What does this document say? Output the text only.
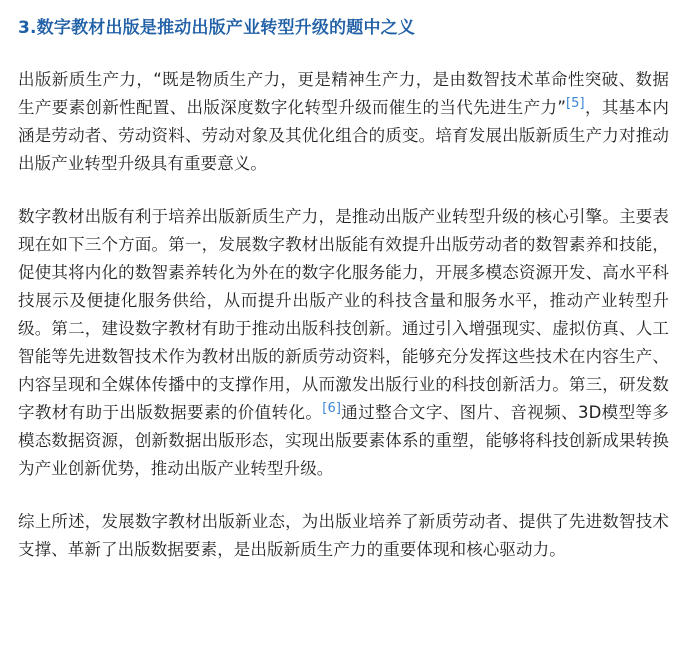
3.数字教材出版是推动出版产业转型升级的题中之义

出版新质生产力，“既是物质生产力，更是精神生产力，是由数智技术革命性突破、数据生产要素创新性配置、出版深度数字化转型升级而催生的当代先进生产力”[5]，其基本内涵是劳动者、劳动资料、劳动对象及其优化组合的质变。培育发展出版新质生产力对推动出版产业转型升级具有重要意义。

数字教材出版有利于培养出版新质生产力，是推动出版产业转型升级的核心引擎。主要表现在如下三个方面。第一，发展数字教材出版能有效提升出版劳动者的数智素养和技能，促使其将内化的数智素养转化为外在的数字化服务能力，开展多模态资源开发、高水平科技展示及便捷化服务供给，从而提升出版产业的科技含量和服务水平，推动产业转型升级。第二，建设数字教材有助于推动出版科技创新。通过引入增强现实、虚拟仿真、人工智能等先进数智技术作为教材出版的新质劳动资料，能够充分发挥这些技术在内容生产、内容呈现和全媒体传播中的支撑作用，从而激发出版行业的科技创新活力。第三，研发数字教材有助于出版数据要素的价值转化。[6]通过整合文字、图片、音视频、3D模型等多模态数据资源，创新数据出版形态，实现出版要素体系的重塑，能够将科技创新成果转换为产业创新优势，推动出版产业转型升级。

综上所述，发展数字教材出版新业态，为出版业培养了新质劳动者、提供了先进数智技术支撑、革新了出版数据要素，是出版新质生产力的重要体现和核心驱动力。
